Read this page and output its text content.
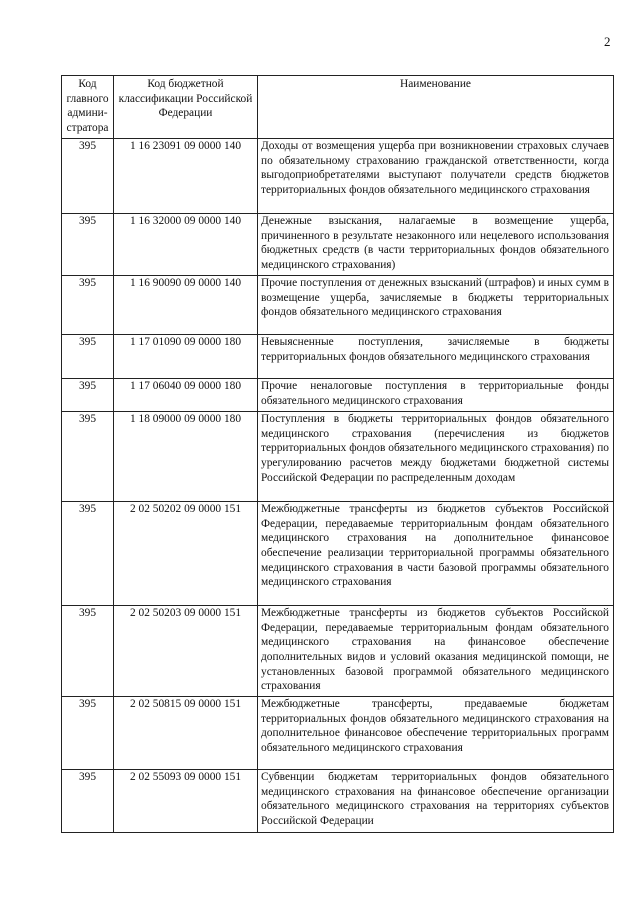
2
Код главного админи-стратора	Код бюджетной классификации Российской Федерации	Наименование
395	1 16 23091 09 0000 140	Доходы от возмещения ущерба при возникновении страховых случаев по обязательному страхованию гражданской ответственности, когда выгодоприобретателями выступают получатели средств бюджетов территориальных фондов обязательного медицинского страхования
395	1 16 32000 09 0000 140	Денежные взыскания, налагаемые в возмещение ущерба, причиненного в результате незаконного или нецелевого использования бюджетных средств (в части территориальных фондов обязательного медицинского страхования)
395	1 16 90090 09 0000 140	Прочие поступления от денежных взысканий (штрафов) и иных сумм в возмещение ущерба, зачисляемые в бюджеты территориальных фондов обязательного медицинского страхования
395	1 17 01090 09 0000 180	Невыясненные поступления, зачисляемые в бюджеты территориальных фондов обязательного медицинского страхования
395	1 17 06040 09 0000 180	Прочие неналоговые поступления в территориальные фонды обязательного медицинского страхования
395	1 18 09000 09 0000 180	Поступления в бюджеты территориальных фондов обязательного медицинского страхования (перечисления из бюджетов территориальных фондов обязательного медицинского страхования) по урегулированию расчетов между бюджетами бюджетной системы Российской Федерации по распределенным доходам
395	2 02 50202 09 0000 151	Межбюджетные трансферты из бюджетов субъектов Российской Федерации, передаваемые территориальным фондам обязательного медицинского страхования на дополнительное финансовое обеспечение реализации территориальной программы обязательного медицинского страхования в части базовой программы обязательного медицинского страхования
395	2 02 50203 09 0000 151	Межбюджетные трансферты из бюджетов субъектов Российской Федерации, передаваемые территориальным фондам обязательного медицинского страхования на финансовое обеспечение дополнительных видов и условий оказания медицинской помощи, не установленных базовой программой обязательного медицинского страхования
395	2 02 50815 09 0000 151	Межбюджетные трансферты, предаваемые бюджетам территориальных фондов обязательного медицинского страхования на дополнительное финансовое обеспечение территориальных программ обязательного медицинского страхования
395	2 02 55093 09 0000 151	Субвенции бюджетам территориальных фондов обязательного медицинского страхования на финансовое обеспечение организации обязательного медицинского страхования на территориях субъектов Российской Федерации
